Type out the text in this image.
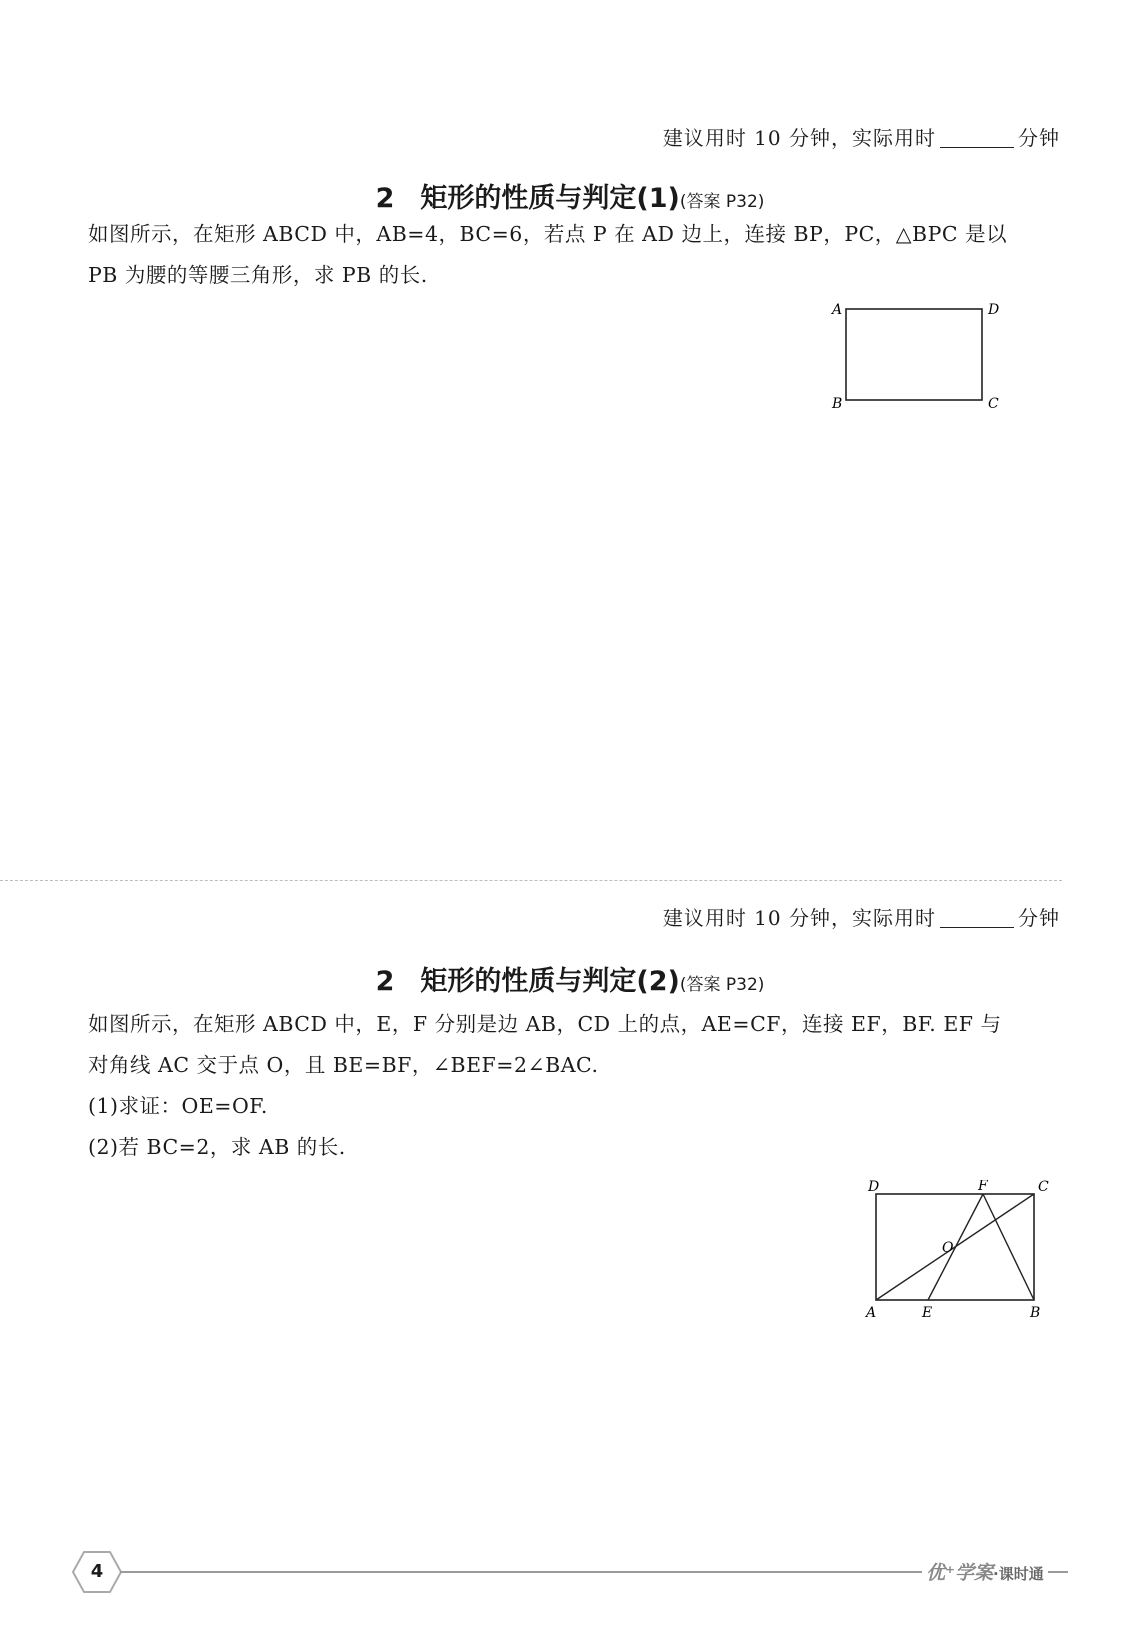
建议用时 10 分钟，实际用时	分钟
2 矩形的性质与判定(1)(答案 P32)

如图所示，在矩形 ABCD 中，AB=4，BC=6，若点 P 在 AD 边上，连接 BP，PC，△BPC 是以

PB 为腰的等腰三角形，求 PB 的长.

A	D
B	C
建议用时 10 分钟，实际用时	分钟
2 矩形的性质与判定(2)(答案 P32)

如图所示，在矩形 ABCD 中，E，F 分别是边 AB，CD 上的点，AE=CF，连接 EF，BF. EF 与

对角线 AC 交于点 O，且 BE=BF，∠BEF=2∠BAC.

(1)求证：OE=OF.

(2)若 BC=2，求 AB 的长.

D	F	C
O
A	E	B
4	优⁺学案·课时通
